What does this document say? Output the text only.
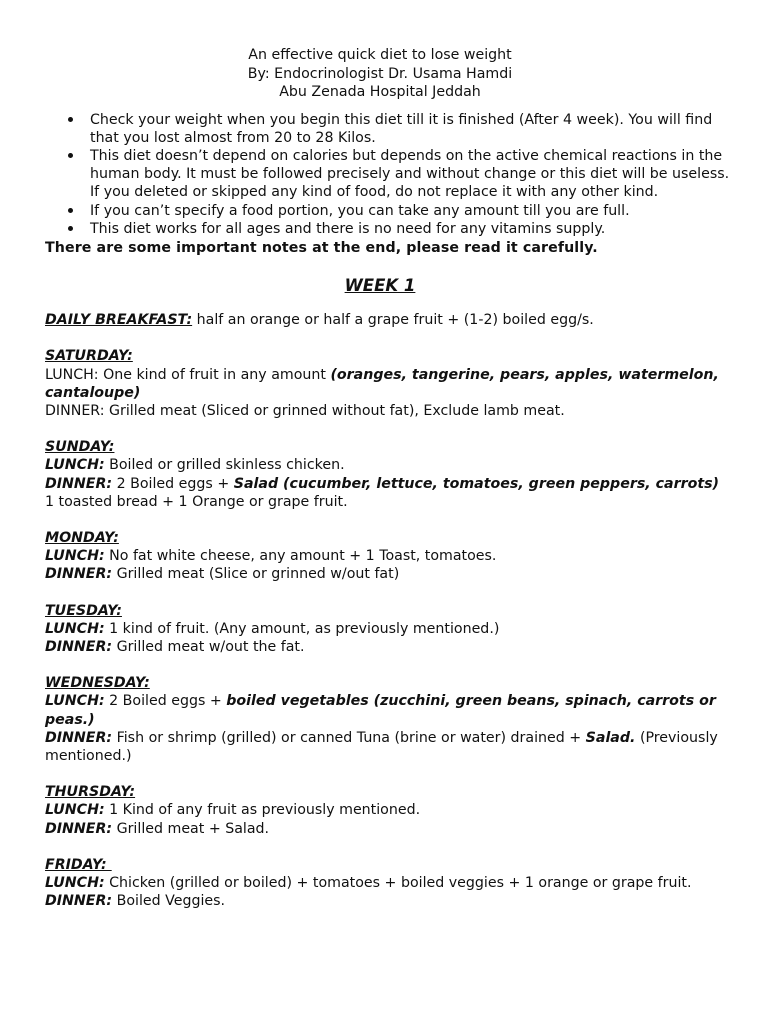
An effective quick diet to lose weight
By: Endocrinologist Dr. Usama Hamdi
Abu Zenada Hospital Jeddah
Check your weight when you begin this diet till it is finished (After 4 week). You will find that you lost almost from 20 to 28 Kilos.
This diet doesn’t depend on calories but depends on the active chemical reactions in the human body. It must be followed precisely and without change or this diet will be useless. If you deleted or skipped any kind of food, do not replace it with any other kind.
If you can’t specify a food portion, you can take any amount till you are full.
This diet works for all ages and there is no need for any vitamins supply.
There are some important notes at the end, please read it carefully.
WEEK 1

DAILY BREAKFAST: half an orange or half a grape fruit + (1-2) boiled egg/s.

SATURDAY:

LUNCH: One kind of fruit in any amount (oranges, tangerine, pears, apples, watermelon, cantaloupe)

DINNER: Grilled meat (Sliced or grinned without fat), Exclude lamb meat.

SUNDAY:

LUNCH: Boiled or grilled skinless chicken.

DINNER: 2 Boiled eggs + Salad (cucumber, lettuce, tomatoes, green peppers, carrots) 1 toasted bread + 1 Orange or grape fruit.

MONDAY:

LUNCH: No fat white cheese, any amount + 1 Toast, tomatoes.

DINNER: Grilled meat (Slice or grinned w/out fat)

TUESDAY:

LUNCH: 1 kind of fruit. (Any amount, as previously mentioned.)

DINNER: Grilled meat w/out the fat.

WEDNESDAY:

LUNCH: 2 Boiled eggs + boiled vegetables (zucchini, green beans, spinach, carrots or peas.)

DINNER: Fish or shrimp (grilled) or canned Tuna (brine or water) drained + Salad. (Previously mentioned.)

THURSDAY:

LUNCH: 1 Kind of any fruit as previously mentioned.

DINNER: Grilled meat + Salad.

FRIDAY:

LUNCH: Chicken (grilled or boiled) + tomatoes + boiled veggies + 1 orange or grape fruit.

DINNER: Boiled Veggies.
